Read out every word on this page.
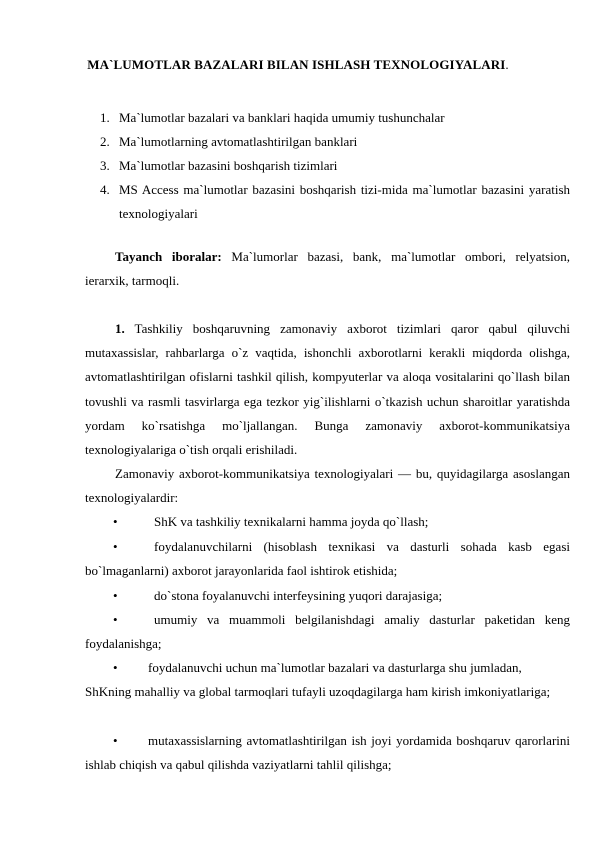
MA`LUMOTLAR BAZALARI BILAN ISHLASH TEXNOLOGIYALARI.
1. Ma`lumotlar bazalari va banklari haqida umumiy tushunchalar
2. Ma`lumotlarning avtomatlashtirilgan banklari
3. Ma`lumotlar bazasini boshqarish tizimlari
4. MS Access ma`lumotlar bazasini boshqarish tizi-mida ma`lumotlar bazasini yaratish texnologiyalari
Tayanch iboralar: Ma`lumorlar bazasi, bank, ma`lumotlar ombori, relyatsion, ierarxik, tarmoqli.
1. Tashkiliy boshqaruvning zamonaviy axborot tizimlari qaror qabul qiluvchi mutaxassislar, rahbarlarga o`z vaqtida, ishonchli axborotlarni kerakli miqdorda olishga, avtomatlashtirilgan ofislarni tashkil qilish, kompyuterlar va aloqa vositalarini qo`llash bilan tovushli va rasmli tasvirlarga ega tezkor yig`ilishlarni o`tkazish uchun sharoitlar yaratishda yordam ko`rsatishga mo`ljallangan. Bunga zamonaviy axborot-kommunikatsiya texnologiyalariga o`tish orqali erishiladi.
Zamonaviy axborot-kommunikatsiya texnologiyalari — bu, quyidagilarga asoslangan texnologiyalardir:
•	ShK va tashkiliy texnikalarni hamma joyda qo`llash;
•	foydalanuvchilarni (hisoblash texnikasi va dasturli sohada kasb egasi bo`lmaganlarni) axborot jarayonlarida faol ishtirok etishida;
•	do`stona foyalanuvchi interfeysining yuqori darajasiga;
•	umumiy va muammoli belgilanishdagi amaliy dasturlar paketidan keng foydalanishga;
•	foydalanuvchi uchun ma`lumotlar bazalari va dasturlarga shu jumladan,
ShKning mahalliy va global tarmoqlari tufayli uzoqdagilarga ham kirish imkoniyatlariga;
•	mutaxassislarning avtomatlashtirilgan ish joyi yordamida boshqaruv qarorlarini ishlab chiqish va qabul qilishda vaziyatlarni tahlil qilishga;
